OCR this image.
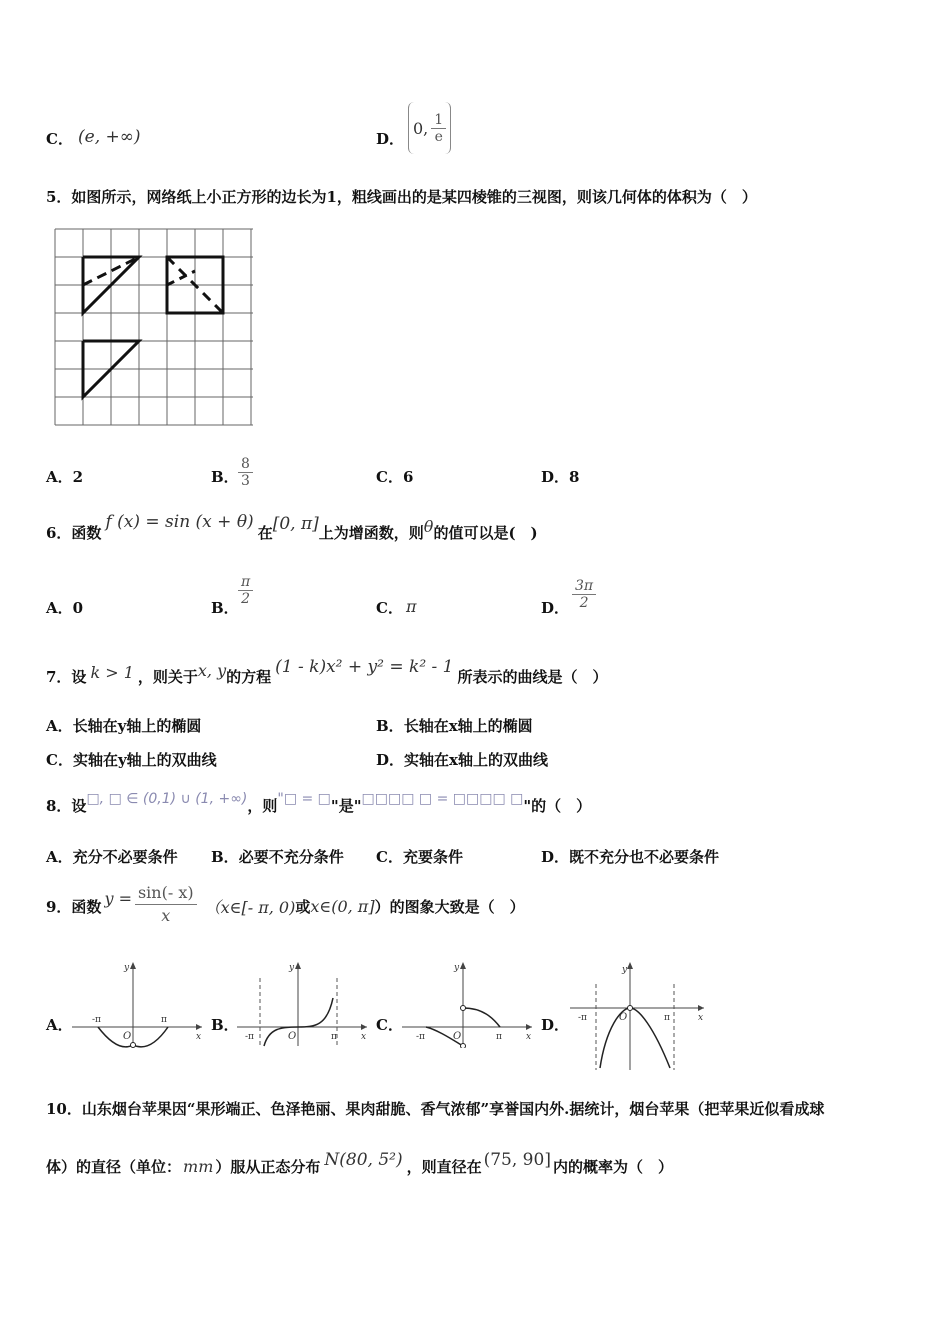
C． (e, +∞)	D．
0, $\frac{1}{e}$
5．如图所示，网络纸上小正方形的边长为1，粗线画出的是某四棱锥的三视图，则该几何体的体积为（　）
A．2	B． $\frac{8}{3}$	C．6	D．8
6．函数
f (x) = sin (x + θ)
在 [0, π] 上为增函数，则 θ 的值可以是(　)
A．0	B．
$\frac{\pi}{2}$
C． π	D． $\frac{3\pi}{2}$
7．设 k > 1 ，则关于 x, y 的方程 (1 - k)x² + y² = k² - 1 所表示的曲线是（　）
A．长轴在y轴上的椭圆	B．长轴在x轴上的椭圆
C．实轴在y轴上的双曲线	D．实轴在x轴上的双曲线
8．设 □, □ ∈ (0,1) ∪ (1, +∞) ，则 "□ = □ "是" □□□□ □ = □□□□ □ "的（　）
A．充分不必要条件 B．必要不充分条件 C．充要条件	D．既不充分也不必要条件
9．函数 $y = \frac{\sin(- x)}{x}$ （x∈[- π, 0) 或 x∈(0, π] ）的图象大致是（　）
A．
y
x
O
-π	π	B．
y
x
O
-π	π
C．
y
x
O
-π	π
D．
y
x
O
-π	π
10．山东烟台苹果因“果形端正、色泽艳丽、果肉甜脆、香气浓郁”享誉国内外.据统计，烟台苹果（把苹果近似看成球
体）的直径（单位： mm ）服从正态分布 N(80, 5²) ，则直径在 (75, 90] 内的概率为（　）
